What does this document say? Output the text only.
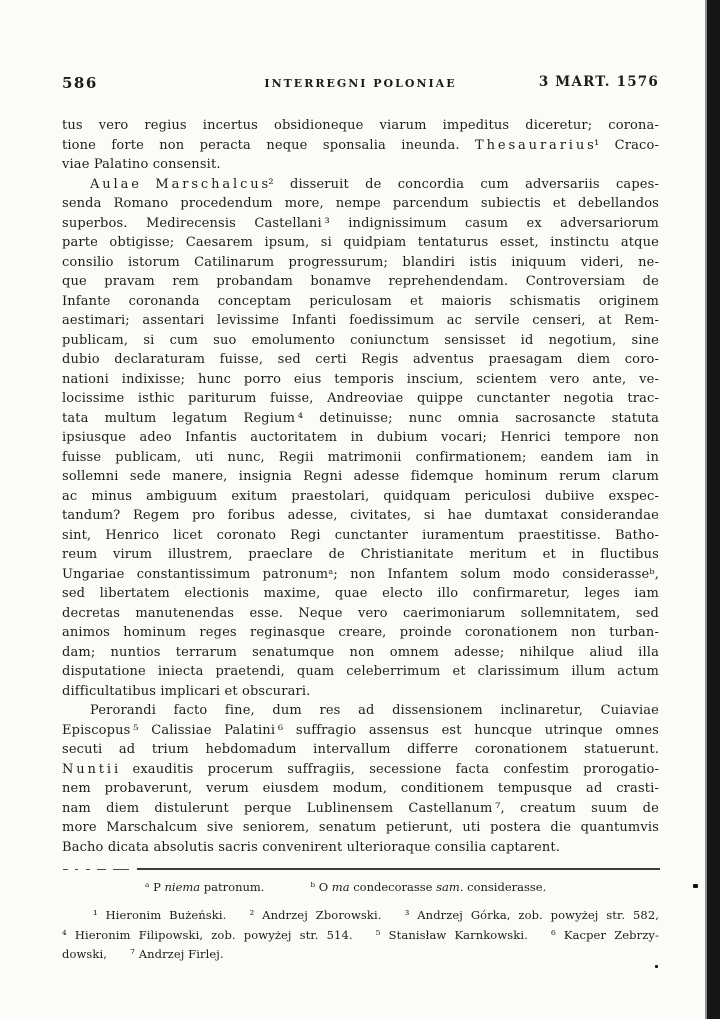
586	INTERREGNI POLONIAE	3 MART. 1576
tus vero regius incertus obsidioneque viarum impeditus diceretur; corona-
tione forte non peracta neque sponsalia ineunda. T h e s a u r a r i u s¹ Craco-
viae Palatino consensit.
A u l a e M a r s c h a l c u s² disseruit de concordia cum adversariis capes-
senda Romano procedendum more, nempe parcendum subiectis et debellandos
superbos. Medirecensis Castellani ³ indignissimum casum ex adversariorum
parte obtigisse; Caesarem ipsum, si quidpiam tentaturus esset, instinctu atque
consilio istorum Catilinarum progressurum; blandiri istis iniquum videri, ne-
que pravam rem probandam bonamve reprehendendam. Controversiam de
Infante coronanda conceptam periculosam et maioris schismatis originem
aestimari; assentari levissime Infanti foedissimum ac servile censeri, at Rem-
publicam, si cum suo emolumento coniunctum sensisset id negotium, sine
dubio declaraturam fuisse, sed certi Regis adventus praesagam diem coro-
nationi indixisse; hunc porro eius temporis inscium, scientem vero ante, ve-
locissime isthic pariturum fuisse, Andreoviae quippe cunctanter negotia trac-
tata multum legatum Regium ⁴ detinuisse; nunc omnia sacrosancte statuta
ipsiusque adeo Infantis auctoritatem in dubium vocari; Henrici tempore non
fuisse publicam, uti nunc, Regii matrimonii confirmationem; eandem iam in
sollemni sede manere, insignia Regni adesse fidemque hominum rerum clarum
ac minus ambiguum exitum praestolari, quidquam periculosi dubiive exspec-
tandum? Regem pro foribus adesse, civitates, si hae dumtaxat considerandae
sint, Henrico licet coronato Regi cunctanter iuramentum praestitisse. Batho-
reum virum illustrem, praeclare de Christianitate meritum et in fluctibus
Ungariae constantissimum patronumᵃ; non Infantem solum modo considerasseᵇ,
sed libertatem electionis maxime, quae electo illo confirmaretur, leges iam
decretas manutenendas esse. Neque vero caerimoniarum sollemnitatem, sed
animos hominum reges reginasque creare, proinde coronationem non turban-
dam; nuntios terrarum senatumque non omnem adesse; nihilque aliud illa
disputatione iniecta praetendi, quam celeberrimum et clarissimum illum actum
difficultatibus implicari et obscurari.
Perorandi facto fine, dum res ad dissensionem inclinaretur, Cuiaviae
Episcopus ⁵ Calissiae Palatini ⁶ suffragio assensus est huncque utrinque omnes
secuti ad trium hebdomadum intervallum differre coronationem statuerunt.
N u n t i i exauditis procerum suffragiis, secessione facta confestim prorogatio-
nem probaverunt, verum eiusdem modum, conditionem tempusque ad crasti-
nam diem distulerunt perque Lublinensem Castellanum ⁷, creatum suum de
more Marschalcum sive seniorem, senatum petierunt, uti postera die quantumvis
Bacho dicata absolutis sacris convenirent ulterioraque consilia captarent.
ᵃ P niema patronum.    	ᵇ O ma condecorasse sam. considerasse.
¹ Hieronim Bużeński.  ² Andrzej Zborowski.  ³ Andrzej Górka, zob. powyżej str. 582,
⁴ Hieronim Filipowski, zob. powyżej str. 514.  ⁵ Stanisław Karnkowski.  ⁶ Kacper Zebrzy-
dowski,  ⁷ Andrzej Firlej.
